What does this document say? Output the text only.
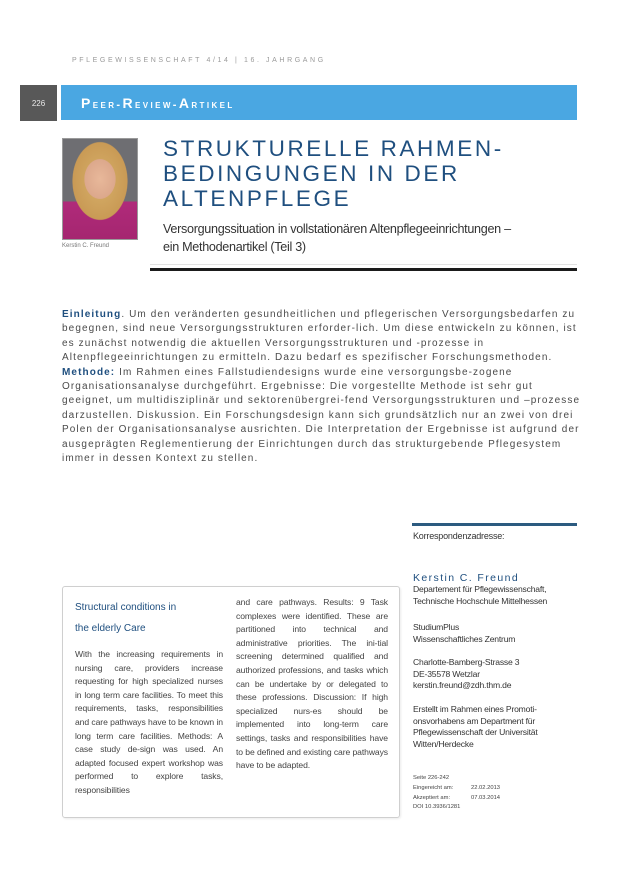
PFLEGEWISSENSCHAFT 4/14 | 16. JAHRGANG
226	Peer-Review-Artikel
Kerstin C. Freund
STRUKTURELLE RAHMEN-
BEDINGUNGEN IN DER
ALTENPFLEGE
Versorgungssituation in vollstationären Altenpflegeeinrichtungen –
ein Methodenartikel (Teil 3)

Einleitung. Um den veränderten gesundheitlichen und pflegerischen Versorgungsbedarfen zu begegnen, sind neue Versorgungsstrukturen erforder-lich. Um diese entwickeln zu können, ist es zunächst notwendig die aktuellen Versorgungsstrukturen und -prozesse in Altenpflegeeinrichtungen zu ermitteln. Dazu bedarf es spezifischer Forschungsmethoden.

Methode: Im Rahmen eines Fallstudiendesigns wurde eine versorgungsbe-zogene Organisationsanalyse durchgeführt. Ergebnisse: Die vorgestellte Methode ist sehr gut geeignet, um multidisziplinär und sektorenübergrei-fend Versorgungsstrukturen und –prozesse darzustellen. Diskussion. Ein Forschungsdesign kann sich grundsätzlich nur an zwei von drei Polen der Organisationsanalyse ausrichten. Die Interpretation der Ergebnisse ist aufgrund der ausgeprägten Reglementierung der Einrichtungen durch das strukturgebende Pflegesystem immer in dessen Kontext zu stellen.

Korrespondenzadresse:
Kerstin C. Freund
Departement für Pflegewissenschaft,
Technische Hochschule Mittelhessen
StudiumPlus
Wissenschaftliches Zentrum
Charlotte-Bamberg-Strasse 3
DE-35578 Wetzlar
kerstin.freund@zdh.thm.de
Erstellt im Rahmen eines Promoti-
onsvorhabens am Department für
Pflegewissenschaft der Universität
Witten/Herdecke
Seite 226-242
Eingereicht am:	22.02.2013
Akzeptiert am:	07.03.2014
DOI 10.3936/1281
Structural conditions in
the elderly Care
With the increasing requirements in nursing care, providers increase requesting for high specialized nurses in long term care facilities. To meet this requirements, tasks, responsibilities and care pathways have to be known in long term care facilities. Methods: A case study de-sign was used. An adapted focused expert workshop was performed to explore tasks, responsibilities
and care pathways. Results: 9 Task complexes were identified. These are partitioned into technical and administrative priorities. The ini-tial screening determined qualified and authorized professions, and tasks which can be undertake by or delegated to these professions. Discussion: If high specialized nurs-es should be implemented into long-term care settings, tasks and responsibilities have to be defined and existing care pathways have to be adapted.
